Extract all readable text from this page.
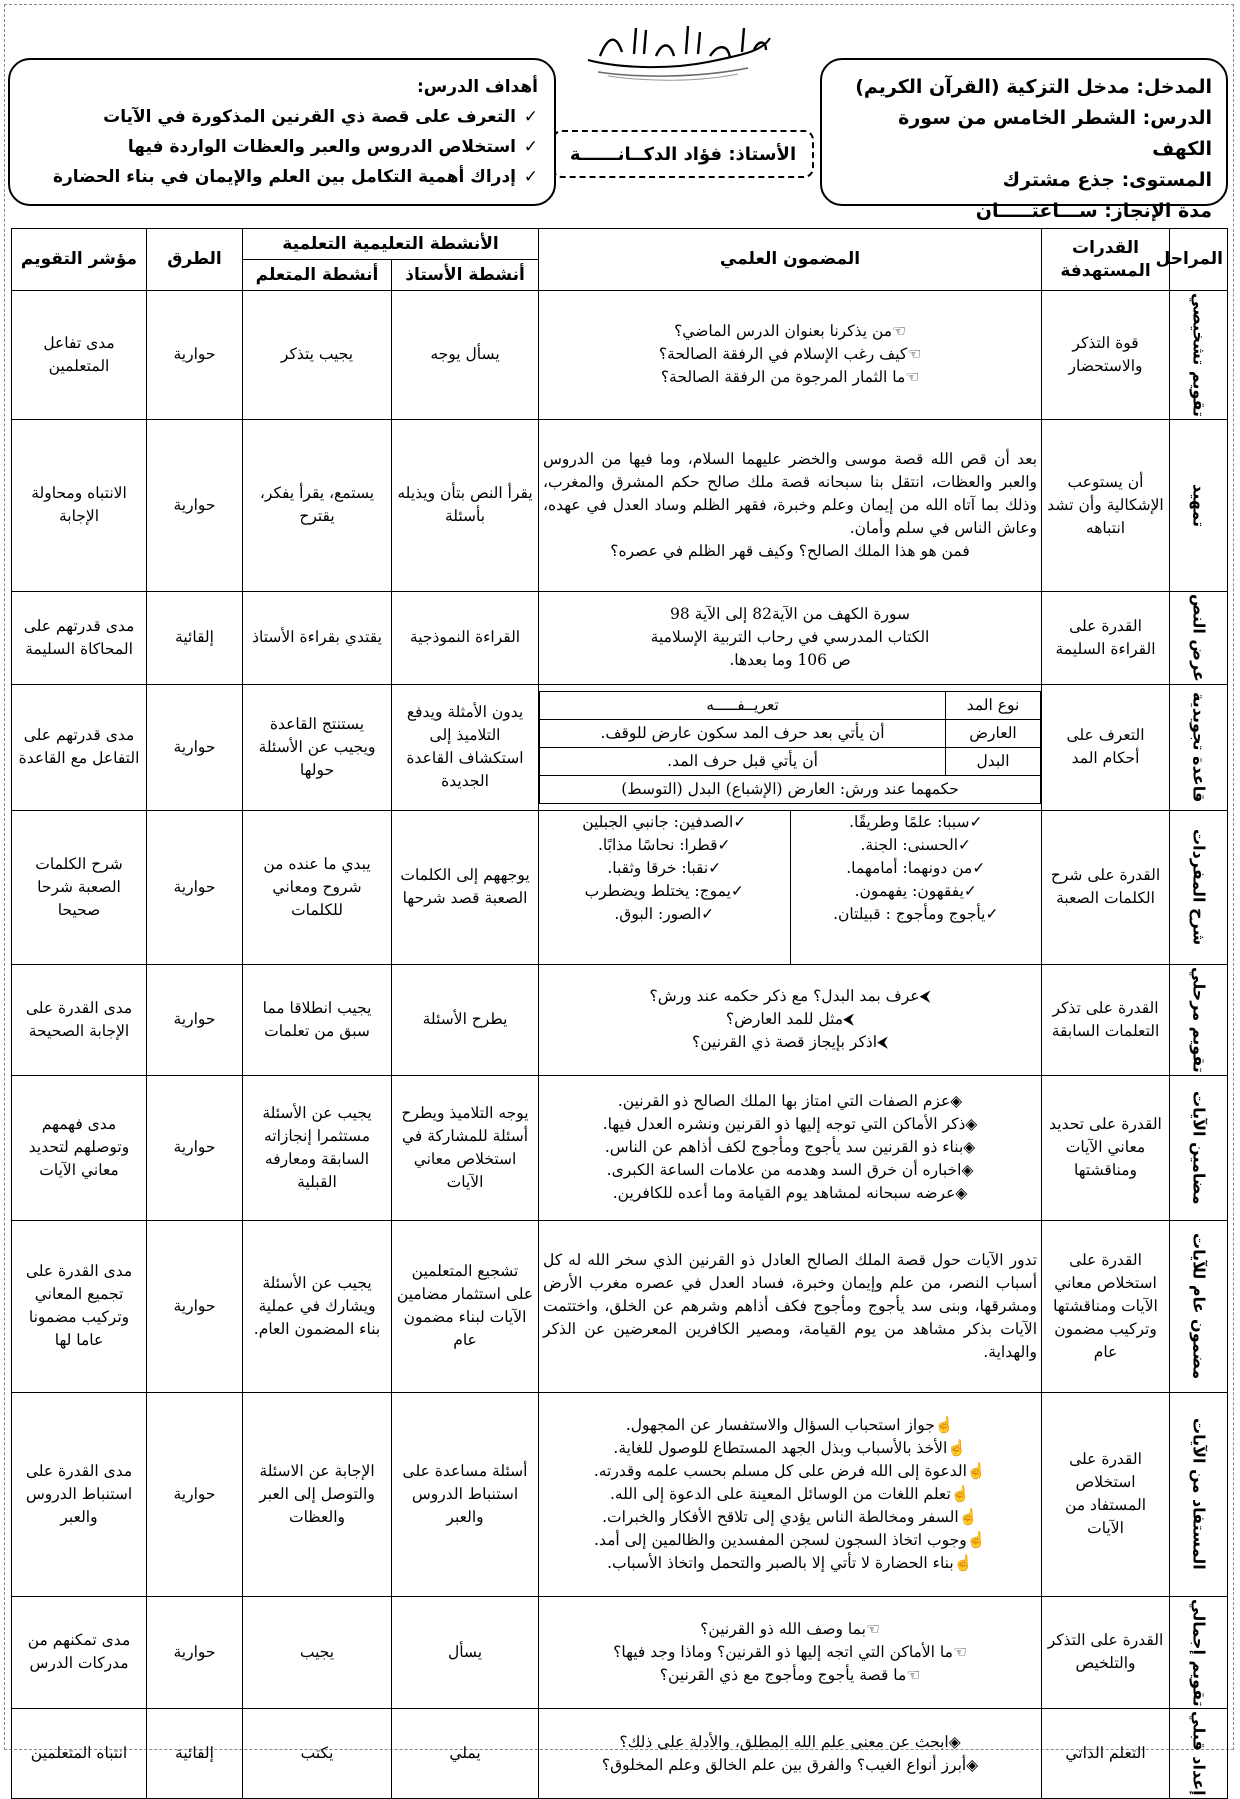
المدخل: مدخل التزكية (القرآن الكريم)
الدرس: الشطر الخامس من سورة الكهف
المستوى: جذع مشترك
مدة الإنجاز: ســـاعتـــــان
الأستاذ: فؤاد الدكــانــــــة
أهداف الدرس:
✓التعرف على قصة ذي القرنين المذكورة في الآيات
✓استخلاص الدروس والعبر والعظات الواردة فيها
✓إدراك أهمية التكامل بين العلم والإيمان في بناء الحضارة
المراحل	القدرات المستهدفة	المضمون العلمي	الأنشطة التعليمية التعلمية	الطرق	مؤشر التقويم
أنشطة الأستاذ	أنشطة المتعلم

تقويم تشخيصي
	قوة التذكر والاستحضار	
☜من يذكرنا بعنوان الدرس الماضي؟
☜كيف رغب الإسلام في الرفقة الصالحة؟
☜ما الثمار المرجوة من الرفقة الصالحة؟
	يسأل يوجه	يجيب يتذكر	حوارية	مدى تفاعل المتعلمين

تمهيد
	أن يستوعب الإشكالية وأن تشد انتباهه	
بعد أن قص الله قصة موسى والخضر عليهما السلام، وما فيها من الدروس والعبر والعظات، انتقل بنا سبحانه قصة ملك صالح حكم المشرق والمغرب، وذلك بما آتاه الله من إيمان وعلم وخبرة، فقهر الظلم وساد العدل في عهده، وعاش الناس في سلم وأمان.
فمن هو هذا الملك الصالح؟ وكيف قهر الظلم في عصره؟
	يقرأ النص بتأن ويذيله بأسئلة	يستمع، يقرأ يفكر، يقترح	حوارية	الانتباه ومحاولة الإجابة

عرض النص
	القدرة على القراءة السليمة	
سورة الكهف من الآية82 إلى الآية 98
الكتاب المدرسي في رحاب التربية الإسلامية
ص 106 وما بعدها.
	القراءة النموذجية	يقتدي بقراءة الأستاذ	إلقائية	مدى قدرتهم على المحاكاة السليمة

قاعدة تجويدية
	التعرف على أحكام المد	
نوع المد	تعريــفـــــه
العارض	أن يأتي بعد حرف المد سكون عارض للوقف.
البدل	أن يأتي قبل حرف المد.
حكمهما عند ورش: العارض (الإشباع) البدل (التوسط)
	يدون الأمثلة ويدفع التلاميذ إلى استكشاف القاعدة الجديدة	يستنتج القاعدة ويجيب عن الأسئلة حولها	حوارية	مدى قدرتهم على التفاعل مع القاعدة

شرح المفردات
	القدرة على شرح الكلمات الصعبة	
✓سببا: علمًا وطريقًا.
✓الحسنى: الجنة.
✓من دونهما: أمامهما.
✓يفقهون: يفهمون.
✓يأجوج ومأجوج : قبيلتان.
✓الصدفين: جانبي الجبلين
✓قطرا: نحاسًا مذابًا.
✓نقبا: خرقا وثقبا.
✓يموج: يختلط ويضطرب
✓الصور: البوق.
	يوجههم إلى الكلمات الصعبة قصد شرحها	يبدي ما عنده من شروح ومعاني للكلمات	حوارية	شرح الكلمات الصعبة شرحا صحيحا

تقويم مرحلي
	القدرة على تذكر التعلمات السابقة	
⮜عرف بمد البدل؟ مع ذكر حكمه عند ورش؟
⮜مثل للمد العارض؟
⮜اذكر بإيجاز قصة ذي القرنين؟
	يطرح الأسئلة	يجيب انطلاقا مما سبق من تعلمات	حوارية	مدى القدرة على الإجابة الصحيحة

مضامين الآيات
	القدرة على تحديد معاني الآيات ومناقشتها	
◈عزم الصفات التي امتاز بها الملك الصالح ذو القرنين.
◈ذكر الأماكن التي توجه إليها ذو القرنين ونشره العدل فيها.
◈بناء ذو القرنين سد يأجوج ومأجوج لكف أذاهم عن الناس.
◈اخباره أن خرق السد وهدمه من علامات الساعة الكبرى.
◈عرضه سبحانه لمشاهد يوم القيامة وما أعده للكافرين.
	يوجه التلاميذ ويطرح أسئلة للمشاركة في استخلاص معاني الآيات	يجيب عن الأسئلة مستثمرا إنجازاته السابقة ومعارفه القبلية	حوارية	مدى فهمهم وتوصلهم لتحديد معاني الآيات

مضمون عام للآيات
	القدرة على استخلاص معاني الآيات ومناقشتها وتركيب مضمون عام	
تدور الآيات حول قصة الملك الصالح العادل ذو القرنين الذي سخر الله له كل أسباب النصر، من علم وإيمان وخبرة، فساد العدل في عصره مغرب الأرض ومشرقها، وبنى سد يأجوج ومأجوج فكف أذاهم وشرهم عن الخلق، واختتمت الآيات بذكر مشاهد من يوم القيامة، ومصير الكافرين المعرضين عن الذكر والهداية.
	تشجيع المتعلمين على استثمار مضامين الآيات لبناء مضمون عام	يجيب عن الأسئلة ويشارك في عملية بناء المضمون العام.	حوارية	مدى القدرة على تجميع المعاني وتركيب مضمونا عاما لها

المستفاد من الآيات
	القدرة على استخلاص المستفاد من الآيات	
☝جواز استحباب السؤال والاستفسار عن المجهول.
☝الأخذ بالأسباب وبذل الجهد المستطاع للوصول للغاية.
☝الدعوة إلى الله فرض على كل مسلم بحسب علمه وقدرته.
☝تعلم اللغات من الوسائل المعينة على الدعوة إلى الله.
☝السفر ومخالطة الناس يؤدي إلى تلاقح الأفكار والخبرات.
☝وجوب اتخاذ السجون لسجن المفسدين والظالمين إلى أمد.
☝بناء الحضارة لا تأتي إلا بالصبر والتحمل واتخاذ الأسباب.
	أسئلة مساعدة على استنباط الدروس والعبر	الإجابة عن الاسئلة والتوصل إلى العبر والعظات	حوارية	مدى القدرة على استنباط الدروس والعبر

تقويم إجمالي
	القدرة على التذكر والتلخيص	
☜بما وصف الله ذو القرنين؟
☜ما الأماكن التي اتجه إليها ذو القرنين؟ وماذا وجد فيها؟
☜ما قصة يأجوج ومأجوج مع ذي القرنين؟
	يسأل	يجيب	حوارية	مدى تمكنهم من مدركات الدرس

إعداد قبلي
	التعلم الذاتي	
◈ابحث عن معنى علم الله المطلق، والأدلة على ذلك؟
◈أبرز أنواع الغيب؟ والفرق بين علم الخالق وعلم المخلوق؟
	يملي	يكتب	إلقائية	انتباه المتعلمين
